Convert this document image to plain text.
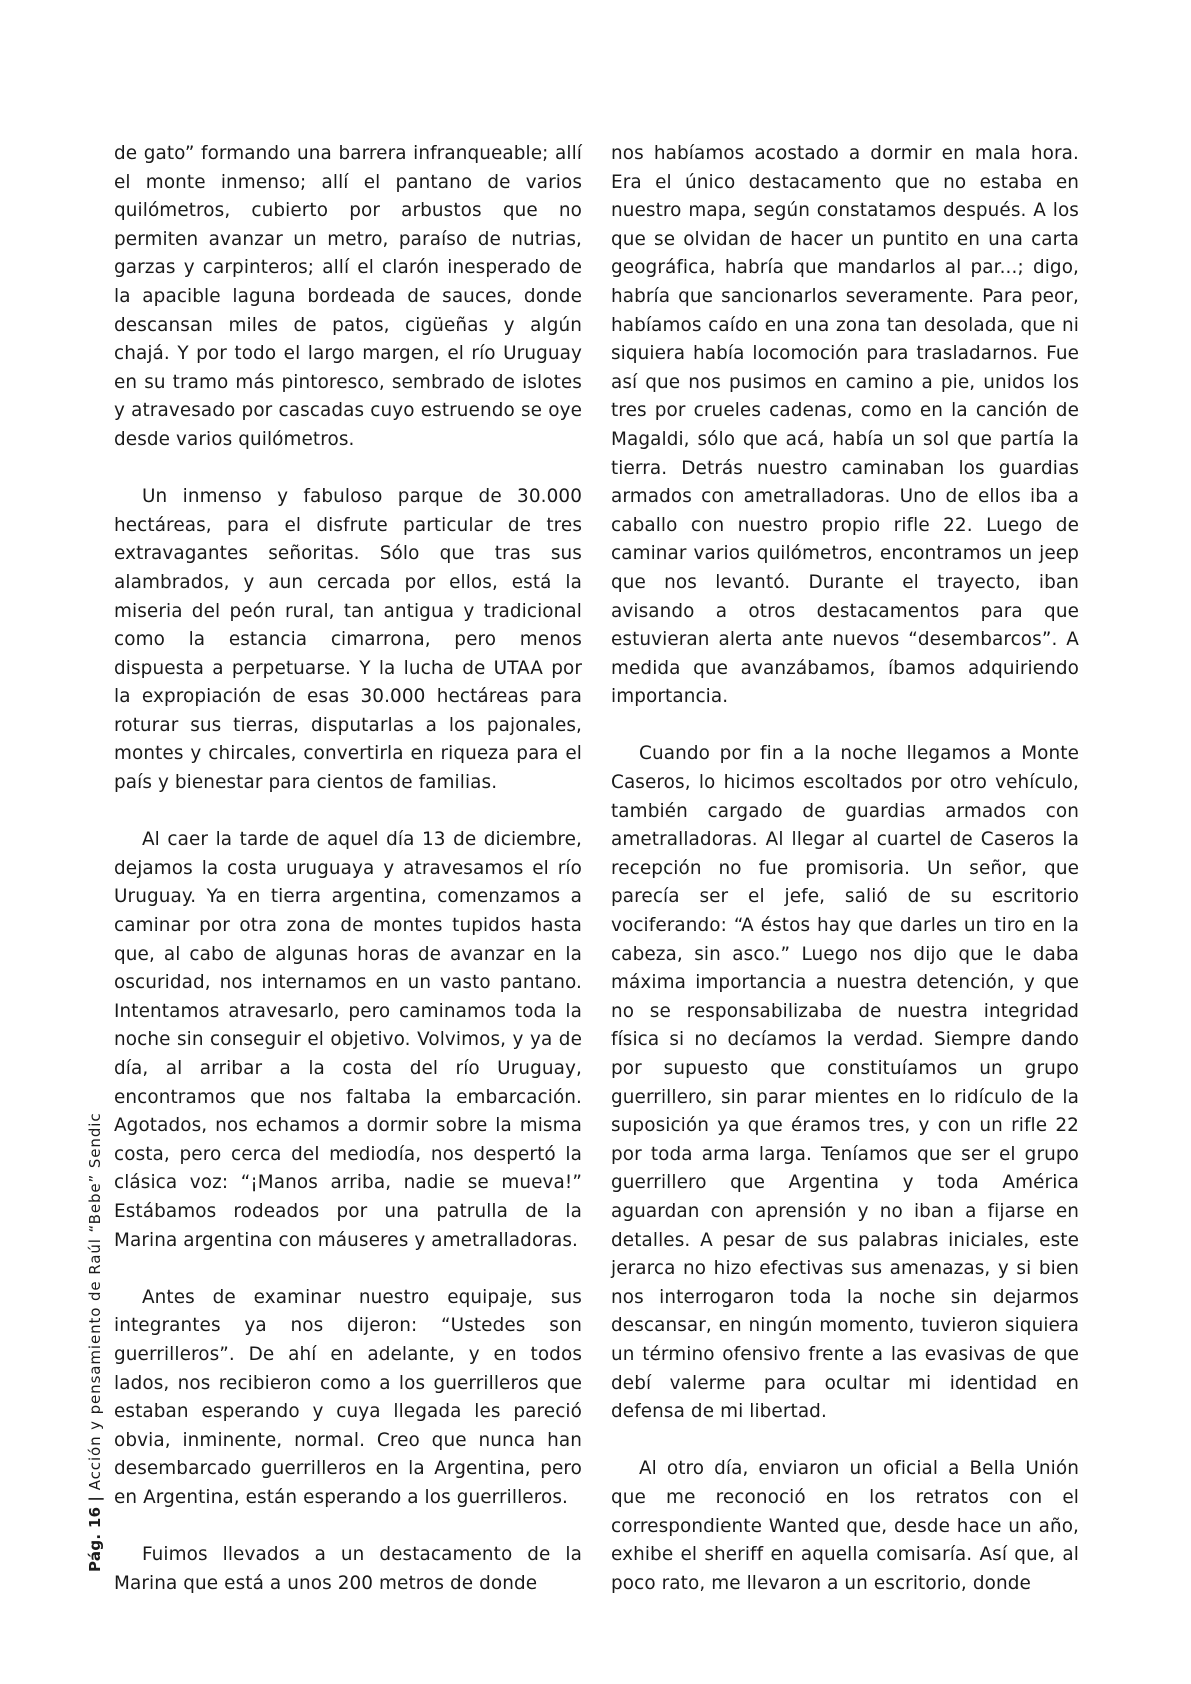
de gato” formando una barrera infranqueable; allí el monte inmenso; allí el pantano de varios quilómetros, cubierto por arbustos que no permiten avanzar un metro, paraíso de nutrias, garzas y carpinteros; allí el clarón inesperado de la apacible laguna bordeada de sauces, donde descansan miles de patos, cigüeñas y algún chajá. Y por todo el largo margen, el río Uruguay en su tramo más pintoresco, sembrado de islotes y atravesado por cascadas cuyo estruendo se oye desde varios quilómetros.

Un inmenso y fabuloso parque de 30.000 hectáreas, para el disfrute particular de tres extravagantes señoritas. Sólo que tras sus alambrados, y aun cercada por ellos, está la miseria del peón rural, tan antigua y tradicional como la estancia cimarrona, pero menos dispuesta a perpetuarse. Y la lucha de UTAA por la expropiación de esas 30.000 hectáreas para roturar sus tierras, disputarlas a los pajonales, montes y chircales, convertirla en riqueza para el país y bienestar para cientos de familias.

Al caer la tarde de aquel día 13 de diciembre, dejamos la costa uruguaya y atravesamos el río Uruguay. Ya en tierra argentina, comenzamos a caminar por otra zona de montes tupidos hasta que, al cabo de algunas horas de avanzar en la oscuridad, nos internamos en un vasto pantano. Intentamos atravesarlo, pero caminamos toda la noche sin conseguir el objetivo. Volvimos, y ya de día, al arribar a la costa del río Uruguay, encontramos que nos faltaba la embarcación. Agotados, nos echamos a dormir sobre la misma costa, pero cerca del mediodía, nos despertó la clásica voz: “¡Manos arriba, nadie se mueva!” Estábamos rodeados por una patrulla de la Marina argentina con máuseres y ametralladoras.

Antes de examinar nuestro equipaje, sus integrantes ya nos dijeron: “Ustedes son guerrilleros”. De ahí en adelante, y en todos lados, nos recibieron como a los guerrilleros que estaban esperando y cuya llegada les pareció obvia, inminente, normal. Creo que nunca han desembarcado guerrilleros en la Argentina, pero en Argentina, están esperando a los guerrilleros.

Fuimos llevados a un destacamento de la Marina que está a unos 200 metros de donde

nos habíamos acostado a dormir en mala hora. Era el único destacamento que no estaba en nuestro mapa, según constatamos después. A los que se olvidan de hacer un puntito en una carta geográfica, habría que mandarlos al par...; digo, habría que sancionarlos severamente. Para peor, habíamos caído en una zona tan desolada, que ni siquiera había locomoción para trasladarnos. Fue así que nos pusimos en camino a pie, unidos los tres por crueles cadenas, como en la canción de Magaldi, sólo que acá, había un sol que partía la tierra. Detrás nuestro caminaban los guardias armados con ametralladoras. Uno de ellos iba a caballo con nuestro propio rifle 22. Luego de caminar varios quilómetros, encontramos un jeep que nos levantó. Durante el trayecto, iban avisando a otros destacamentos para que estuvieran alerta ante nuevos “desembarcos”. A medida que avanzábamos, íbamos adquiriendo importancia.

Cuando por fin a la noche llegamos a Monte Caseros, lo hicimos escoltados por otro vehículo, también cargado de guardias armados con ametralladoras. Al llegar al cuartel de Caseros la recepción no fue promisoria. Un señor, que parecía ser el jefe, salió de su escritorio vociferando: “A éstos hay que darles un tiro en la cabeza, sin asco.” Luego nos dijo que le daba máxima importancia a nuestra detención, y que no se responsabilizaba de nuestra integridad física si no decíamos la verdad. Siempre dando por supuesto que constituíamos un grupo guerrillero, sin parar mientes en lo ridículo de la suposición ya que éramos tres, y con un rifle 22 por toda arma larga. Teníamos que ser el grupo guerrillero que Argentina y toda América aguardan con aprensión y no iban a fijarse en detalles. A pesar de sus palabras iniciales, este jerarca no hizo efectivas sus amenazas, y si bien nos interrogaron toda la noche sin dejarmos descansar, en ningún momento, tuvieron siquiera un término ofensivo frente a las evasivas de que debí valerme para ocultar mi identidad en defensa de mi libertad.

Al otro día, enviaron un oficial a Bella Unión que me reconoció en los retratos con el correspondiente Wanted que, desde hace un año, exhibe el sheriff en aquella comisaría. Así que, al poco rato, me llevaron a un escritorio, donde

Pág. 16|Acción y pensamiento de Raúl “Bebe” Sendic
